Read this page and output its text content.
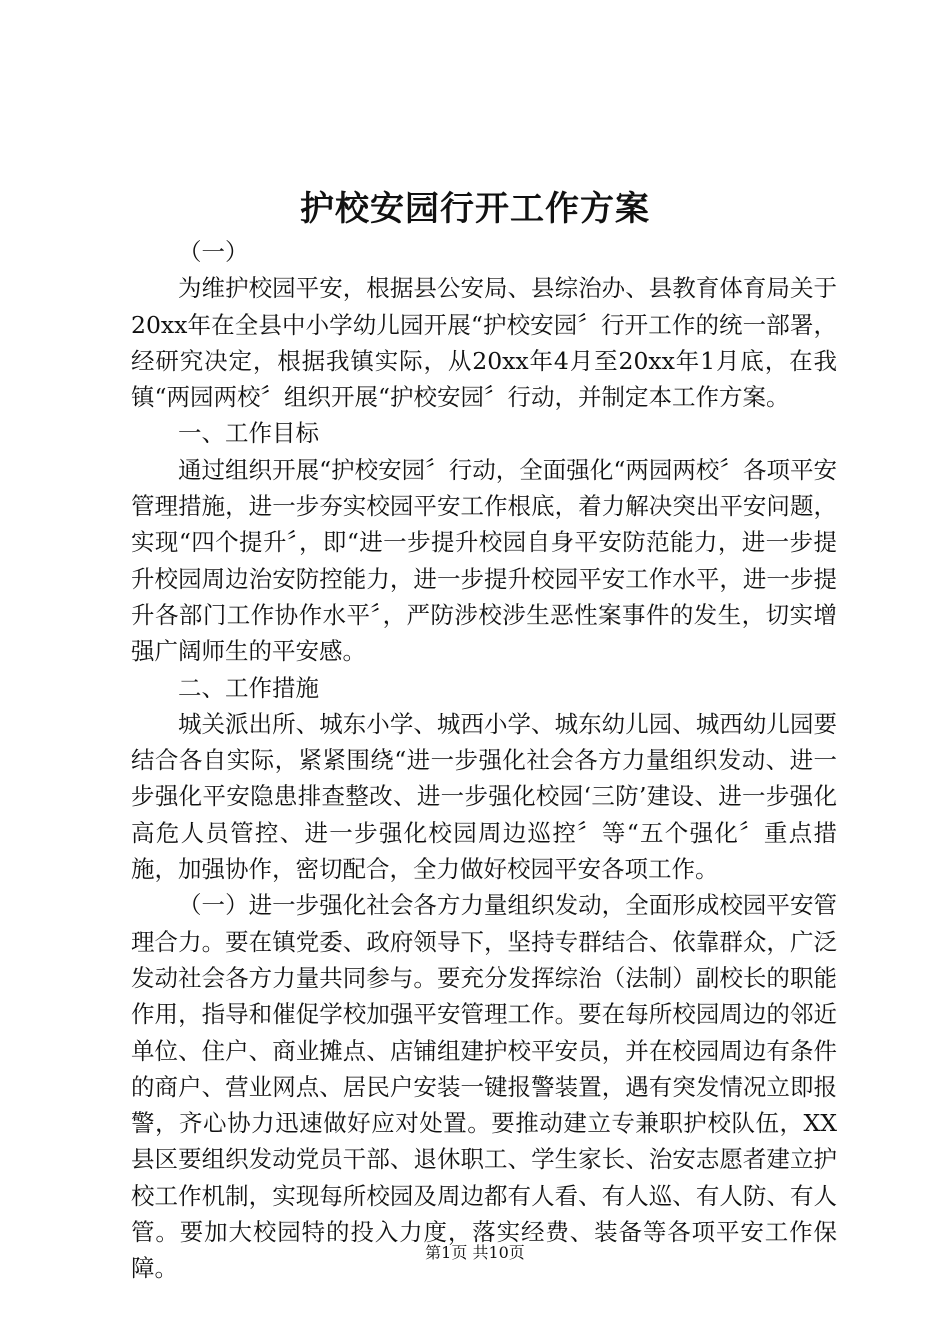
护校安园行开工作方案

（一）

为维护校园平安，根据县公安局、县综治办、县教育体育局关于20xx年在全县中小学幼儿园开展“护校安园〞行开工作的统一部署，经研究决定，根据我镇实际，从20xx年4月至20xx年1月底，在我镇“两园两校〞组织开展“护校安园〞行动，并制定本工作方案。

一、工作目标

通过组织开展“护校安园〞行动，全面强化“两园两校〞各项平安管理措施，进一步夯实校园平安工作根底，着力解决突出平安问题，实现“四个提升〞，即“进一步提升校园自身平安防范能力，进一步提升校园周边治安防控能力，进一步提升校园平安工作水平，进一步提升各部门工作协作水平〞，严防涉校涉生恶性案事件的发生，切实增强广阔师生的平安感。

二、工作措施

城关派出所、城东小学、城西小学、城东幼儿园、城西幼儿园要结合各自实际，紧紧围绕“进一步强化社会各方力量组织发动、进一步强化平安隐患排查整改、进一步强化校园‘三防’建设、进一步强化高危人员管控、进一步强化校园周边巡控〞等“五个强化〞重点措施，加强协作，密切配合，全力做好校园平安各项工作。

（一）进一步强化社会各方力量组织发动，全面形成校园平安管理合力。要在镇党委、政府领导下，坚持专群结合、依靠群众，广泛发动社会各方力量共同参与。要充分发挥综治（法制）副校长的职能作用，指导和催促学校加强平安管理工作。要在每所校园周边的邻近单位、住户、商业摊点、店铺组建护校平安员，并在校园周边有条件的商户、营业网点、居民户安装一键报警装置，遇有突发情况立即报警，齐心协力迅速做好应对处置。要推动建立专兼职护校队伍，XX县区要组织发动党员干部、退休职工、学生家长、治安志愿者建立护校工作机制，实现每所校园及周边都有人看、有人巡、有人防、有人管。要加大校园特的投入力度，落实经费、装备等各项平安工作保障。

第1页 共10页
